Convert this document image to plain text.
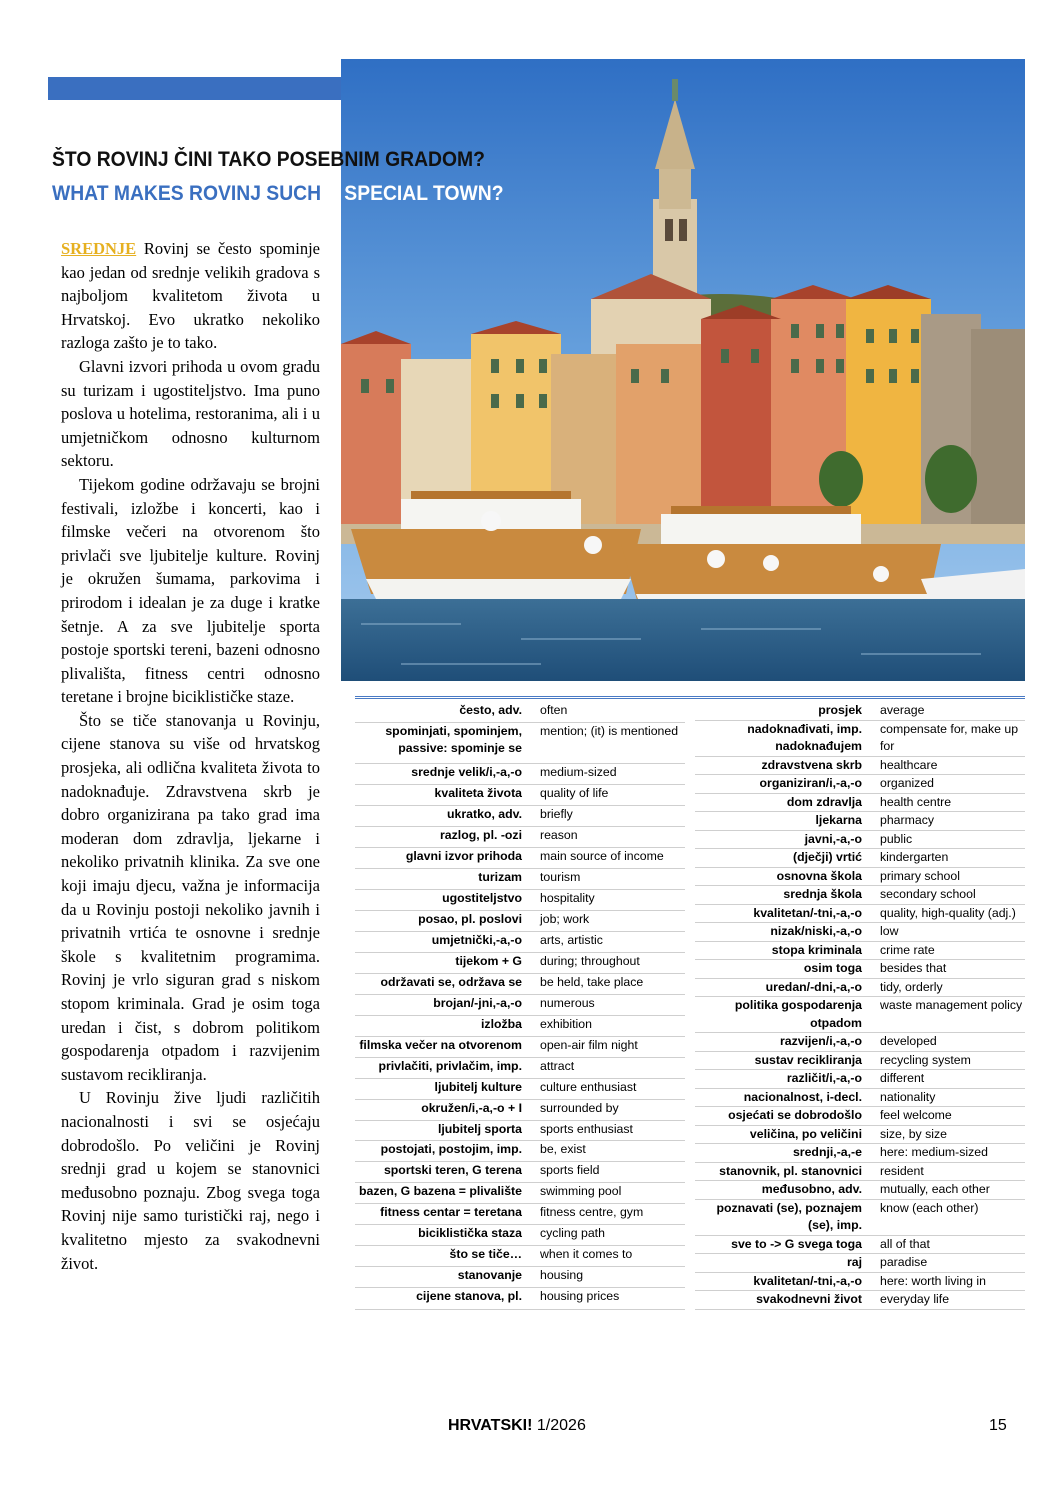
ŠTO ROVINJ ČINI TAKO POSEBNIM GRADOM?
WHAT MAKES ROVINJ SUCH A SPECIAL TOWN?

SREDNJE Rovinj se često spominje kao jedan od srednje velikih gradova s najboljom kvalitetom života u Hrvatskoj. Evo ukratko nekoliko razloga zašto je to tako.

Glavni izvori prihoda u ovom gradu su turizam i ugostiteljstvo. Ima puno poslova u hotelima, restoranima, ali i u umjetničkom odnosno kulturnom sektoru.

Tijekom godine održavaju se brojni festivali, izložbe i koncerti, kao i filmske večeri na otvorenom što privlači sve ljubitelje kulture. Rovinj je okružen šumama, parkovima i prirodom i idealan je za duge i kratke šetnje. A za sve ljubitelje sporta postoje sportski tereni, bazeni odnosno plivališta, fitness centri odnosno teretane i brojne biciklističke staze.

Što se tiče stanovanja u Rovinju, cijene stanova su više od hrvatskog prosjeka, ali odlična kvaliteta života to nadoknađuje. Zdravstvena skrb je dobro organizirana pa tako grad ima moderan dom zdravlja, ljekarne i nekoliko privatnih klinika. Za sve one koji imaju djecu, važna je informacija da u Rovinju postoji nekoliko javnih i privatnih vrtića te osnovne i srednje škole s kvalitetnim programima. Rovinj je vrlo siguran grad s niskom stopom kriminala. Grad je osim toga uredan i čist, s dobrom politikom gospodarenja otpadom i razvijenim sustavom recikliranja.

U Rovinju žive ljudi različitih nacionalnosti i svi se osjećaju dobrodošlo. Po veličini je Rovinj srednji grad u kojem se stanovnici međusobno poznaju. Zbog svega toga Rovinj nije samo turistički raj, nego i kvalitetno mjesto za svakodnevni život.

često, adv.	often
spominjati, spominjem, passive: spominje se	mention; (it) is mentioned
srednje velik/i,-a,-o	medium-sized
kvaliteta života	quality of life
ukratko, adv.	briefly
razlog, pl. -ozi	reason
glavni izvor prihoda	main source of income
turizam	tourism
ugostiteljstvo	hospitality
posao, pl. poslovi	job; work
umjetnički,-a,-o	arts, artistic
tijekom + G	during; throughout
održavati se, održava se	be held, take place
brojan/-jni,-a,-o	numerous
izložba	exhibition
filmska večer na otvorenom	open-air film night
privlačiti, privlačim, imp.	attract
ljubitelj kulture	culture enthusiast
okružen/i,-a,-o + I	surrounded by
ljubitelj sporta	sports enthusiast
postojati, postojim, imp.	be, exist
sportski teren, G terena	sports field
bazen, G bazena = plivalište	swimming pool
fitness centar = teretana	fitness centre, gym
biciklistička staza	cycling path
što se tiče…	when it comes to
stanovanje	housing
cijene stanova, pl.	housing prices
prosjek	average
nadoknađivati, imp. nadoknađujem	compensate for, make up for
zdravstvena skrb	healthcare
organiziran/i,-a,-o	organized
dom zdravlja	health centre
ljekarna	pharmacy
javni,-a,-o	public
(dječji) vrtić	kindergarten
osnovna škola	primary school
srednja škola	secondary school
kvalitetan/-tni,-a,-o	quality, high-quality (adj.)
nizak/niski,-a,-o	low
stopa kriminala	crime rate
osim toga	besides that
uredan/-dni,-a,-o	tidy, orderly
politika gospodarenja otpadom	waste management policy
razvijen/i,-a,-o	developed
sustav recikliranja	recycling system
različit/i,-a,-o	different
nacionalnost, i-decl.	nationality
osjećati se dobrodošlo	feel welcome
veličina, po veličini	size, by size
srednji,-a,-e	here: medium-sized
stanovnik, pl. stanovnici	resident
međusobno, adv.	mutually, each other
poznavati (se), poznajem (se), imp.	know (each other)
sve to -> G svega toga	all of that
raj	paradise
kvalitetan/-tni,-a,-o	here: worth living in
svakodnevni život	everyday life
HRVATSKI! 1/2026	15
